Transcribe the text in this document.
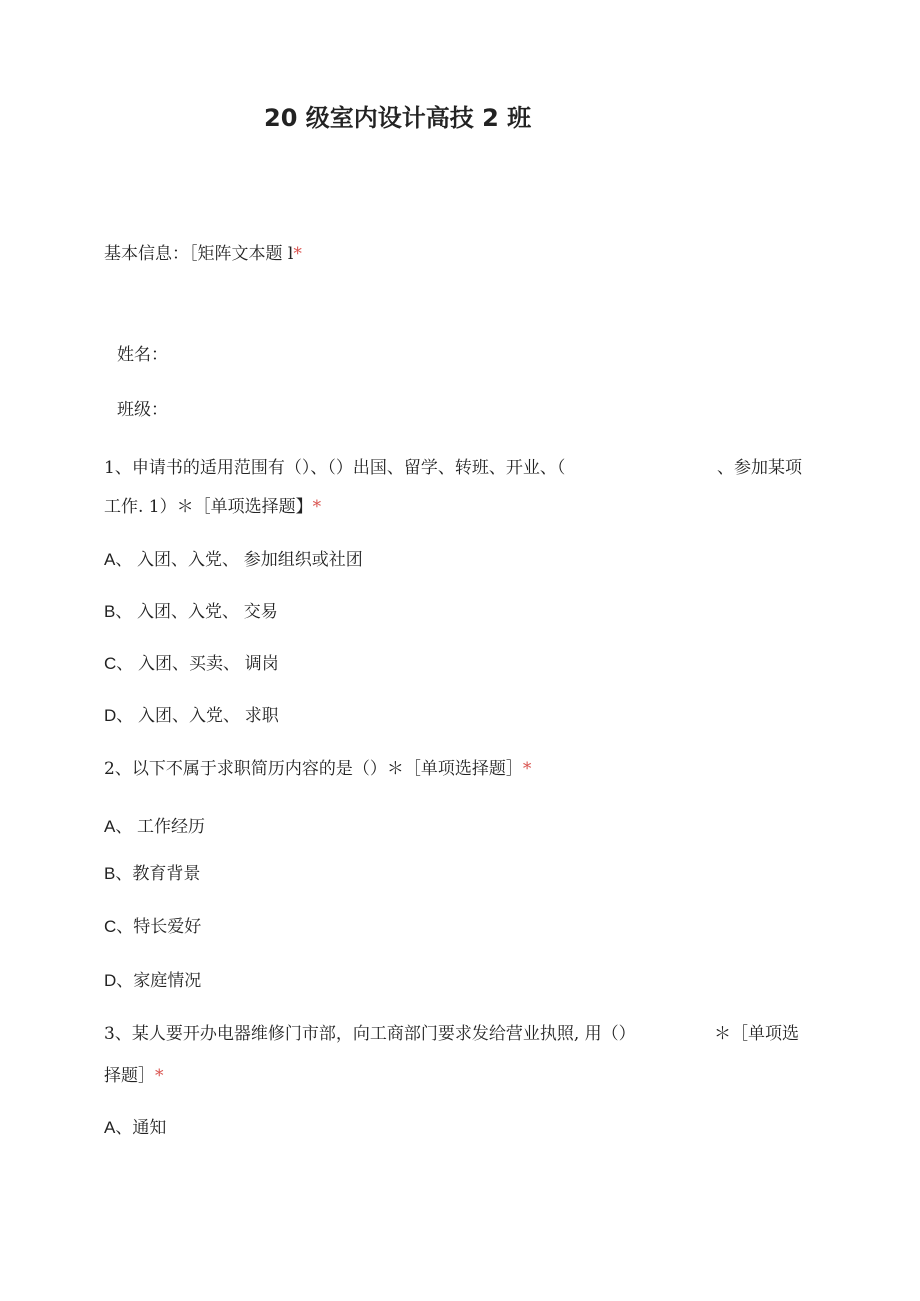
20 级室内设计高技 2 班
基本信息：［矩阵文本题 l*
姓名：
班级：
1、申请书的适用范围有（）、（）出国、留学、转班、开业、（	、参加某项
工作. 1）＊［单项选择题】*
A、 入团、入党、 参加组织或社团
B、 入团、入党、 交易
C、 入团、买卖、 调岗
D、 入团、入党、 求职
2、以下不属于求职简历内容的是（）＊［单项选择题］*
A、 工作经历
B、教育背景
C、特长爱好
D、家庭情况
3、某人要开办电器维修门市部，向工商部门要求发给营业执照, 用（）	＊［单项选
择题］*
A、通知
